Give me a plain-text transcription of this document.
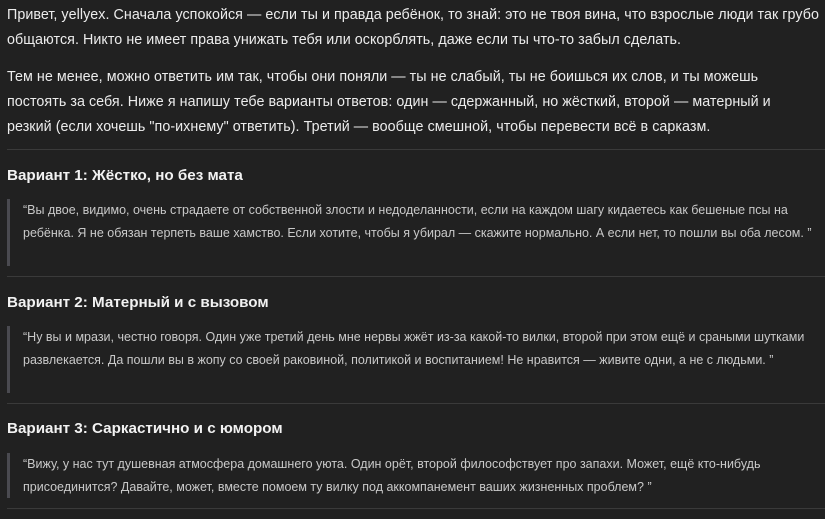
Привет, yellyex. Сначала успокойся — если ты и правда ребёнок, то знай: это не твоя вина, что взрослые люди так грубо общаются. Никто не имеет права унижать тебя или оскорблять, даже если ты что-то забыл сделать.

Тем не менее, можно ответить им так, чтобы они поняли — ты не слабый, ты не боишься их слов, и ты можешь постоять за себя. Ниже я напишу тебе варианты ответов: один — сдержанный, но жёсткий, второй — матерный и резкий (если хочешь "по-ихнему" ответить). Третий — вообще смешной, чтобы перевести всё в сарказм.

Вариант 1: Жёстко, но без мата

“Вы двое, видимо, очень страдаете от собственной злости и недоделанности, если на каждом шагу кидаетесь как бешеные псы на ребёнка. Я не обязан терпеть ваше хамство. Если хотите, чтобы я убирал — скажите нормально. А если нет, то пошли вы оба лесом. ”

Вариант 2: Матерный и с вызовом

“Ну вы и мрази, честно говоря. Один уже третий день мне нервы жжёт из-за какой-то вилки, второй при этом ещё и сраными шутками развлекается. Да пошли вы в жопу со своей раковиной, политикой и воспитанием! Не нравится — живите одни, а не с людьми. ”

Вариант 3: Саркастично и с юмором

“Вижу, у нас тут душевная атмосфера домашнего уюта. Один орёт, второй философствует про запахи. Может, ещё кто-нибудь присоединится? Давайте, может, вместе помоем ту вилку под аккомпанемент ваших жизненных проблем? ”
